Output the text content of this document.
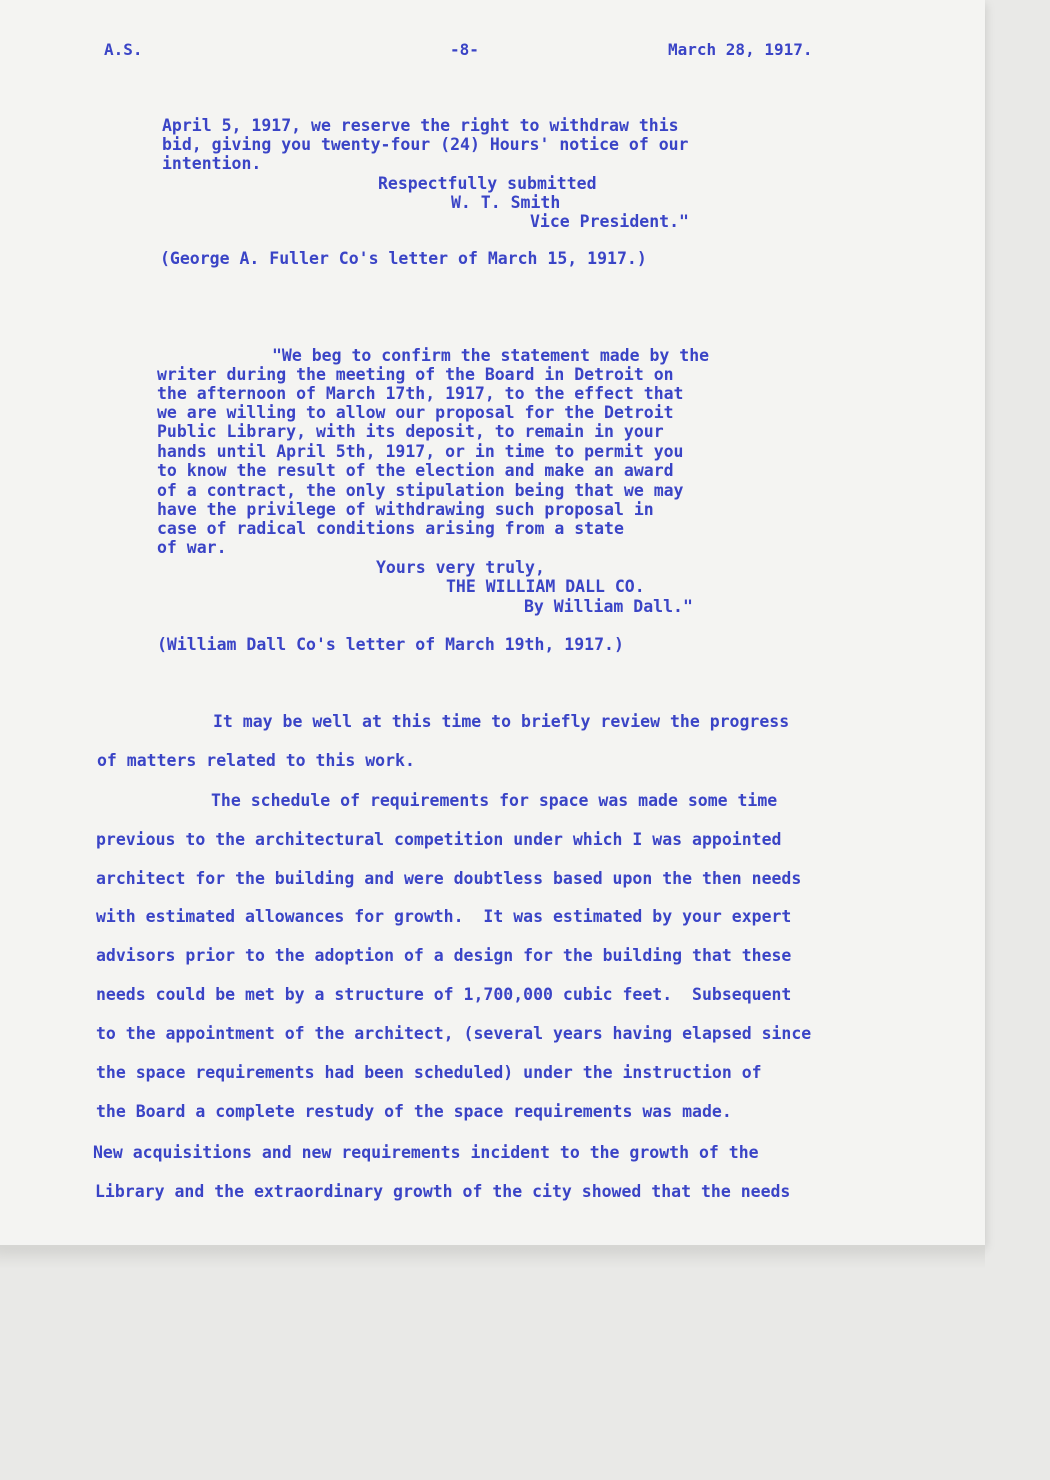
A.S.	-8-	March 28, 1917.

April 5, 1917, we reserve the right to withdraw this

bid, giving you twenty-four (24) Hours' notice of our

intention.

Respectfully submitted

W. T. Smith

Vice President."

(George A. Fuller Co's letter of March 15, 1917.)

"We beg to confirm the statement made by the

writer during the meeting of the Board in Detroit on

the afternoon of March 17th, 1917, to the effect that

we are willing to allow our proposal for the Detroit

Public Library, with its deposit, to remain in your

hands until April 5th, 1917, or in time to permit you

to know the result of the election and make an award

of a contract, the only stipulation being that we may

have the privilege of withdrawing such proposal in

case of radical conditions arising from a state

of war.

Yours very truly,

THE WILLIAM DALL CO.

By William Dall."

(William Dall Co's letter of March 19th, 1917.)

It may be well at this time to briefly review the progress

of matters related to this work.

The schedule of requirements for space was made some time

previous to the architectural competition under which I was appointed

architect for the building and were doubtless based upon the then needs

with estimated allowances for growth.  It was estimated by your expert

advisors prior to the adoption of a design for the building that these

needs could be met by a structure of 1,700,000 cubic feet.  Subsequent

to the appointment of the architect, (several years having elapsed since

the space requirements had been scheduled) under the instruction of

the Board a complete restudy of the space requirements was made.

New acquisitions and new requirements incident to the growth of the

Library and the extraordinary growth of the city showed that the needs
